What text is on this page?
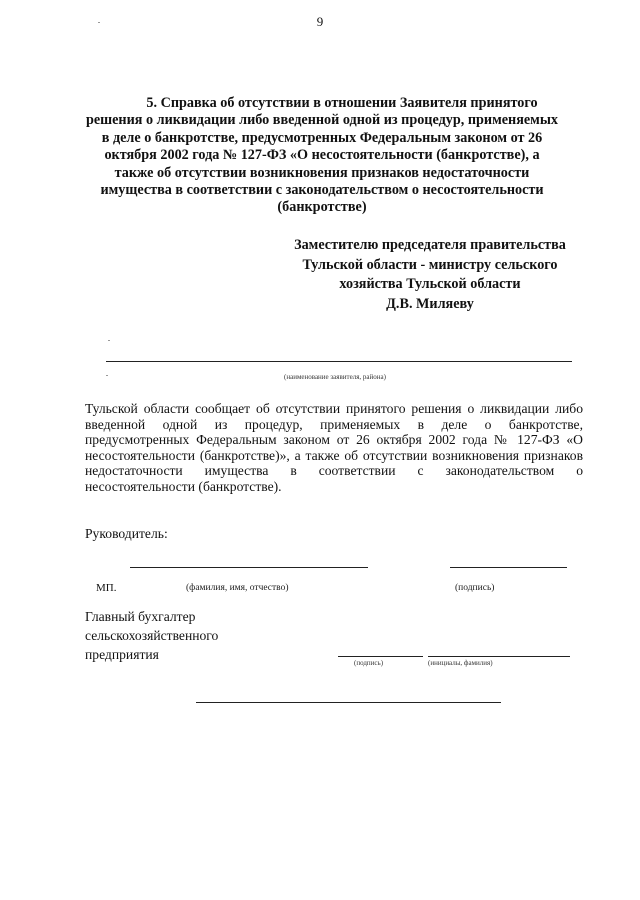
9
5. Справка об отсутствии в отношении Заявителя принятого
решения о ликвидации либо введенной одной из процедур, применяемых
в деле о банкротстве, предусмотренных Федеральным законом от 26
октября 2002 года № 127-ФЗ «О несостоятельности (банкротстве), а
также об отсутствии возникновения признаков недостаточности
имущества в соответствии с законодательством о несостоятельности
(банкротстве)
Заместителю председателя правительства
Тульской области - министру сельского
хозяйства Тульской области
Д.В. Миляеву
(наименование заявителя, района)
Тульской области сообщает об отсутствии принятого решения о ликвидации либо
введенной одной из процедур, применяемых в деле о банкротстве,
предусмотренных Федеральным законом от 26 октября 2002 года № 127-ФЗ «О
несостоятельности (банкротстве)», а также об отсутствии возникновения признаков
недостаточности имущества в соответствии с законодательством о
несостоятельности (банкротстве).
Руководитель:
МП.	(фамилия, имя, отчество)	(подпись)
Главный бухгалтер
сельскохозяйственного
предприятия
(подпись)	(инициалы, фамилия)
